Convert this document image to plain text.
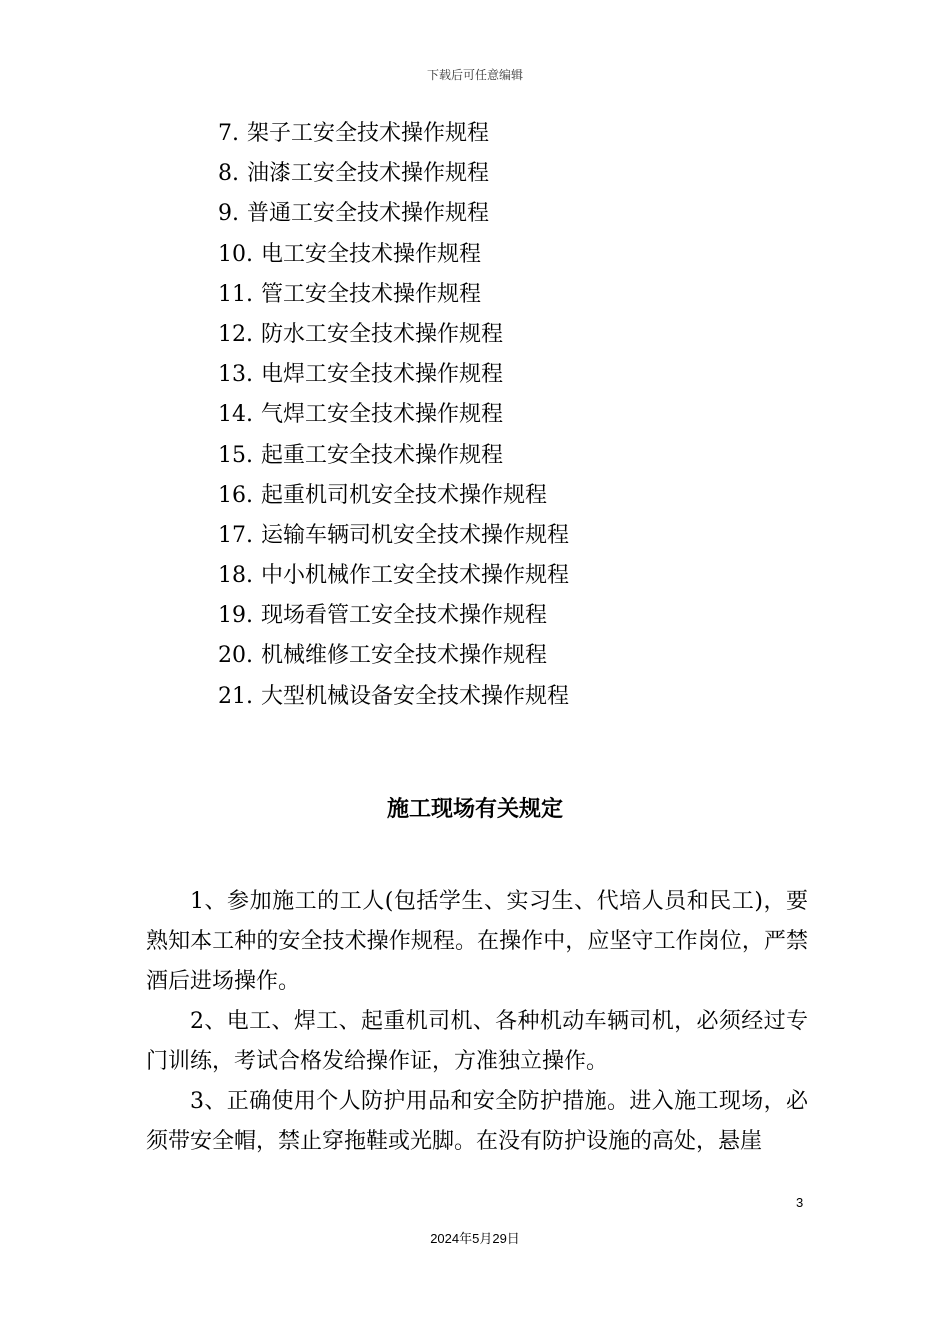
下载后可任意编辑
7. 架子工安全技术操作规程
8. 油漆工安全技术操作规程
9. 普通工安全技术操作规程
10. 电工安全技术操作规程
11. 管工安全技术操作规程
12. 防水工安全技术操作规程
13. 电焊工安全技术操作规程
14. 气焊工安全技术操作规程
15. 起重工安全技术操作规程
16. 起重机司机安全技术操作规程
17. 运输车辆司机安全技术操作规程
18. 中小机械作工安全技术操作规程
19. 现场看管工安全技术操作规程
20. 机械维修工安全技术操作规程
21. 大型机械设备安全技术操作规程
施工现场有关规定

1、参加施工的工人(包括学生、实习生、代培人员和民工)，要熟知本工种的安全技术操作规程。在操作中，应坚守工作岗位，严禁酒后进场操作。

2、电工、焊工、起重机司机、各种机动车辆司机，必须经过专门训练，考试合格发给操作证，方准独立操作。

3、正确使用个人防护用品和安全防护措施。进入施工现场，必须带安全帽，禁止穿拖鞋或光脚。在没有防护设施的高处，悬崖

3
2024年5月29日
